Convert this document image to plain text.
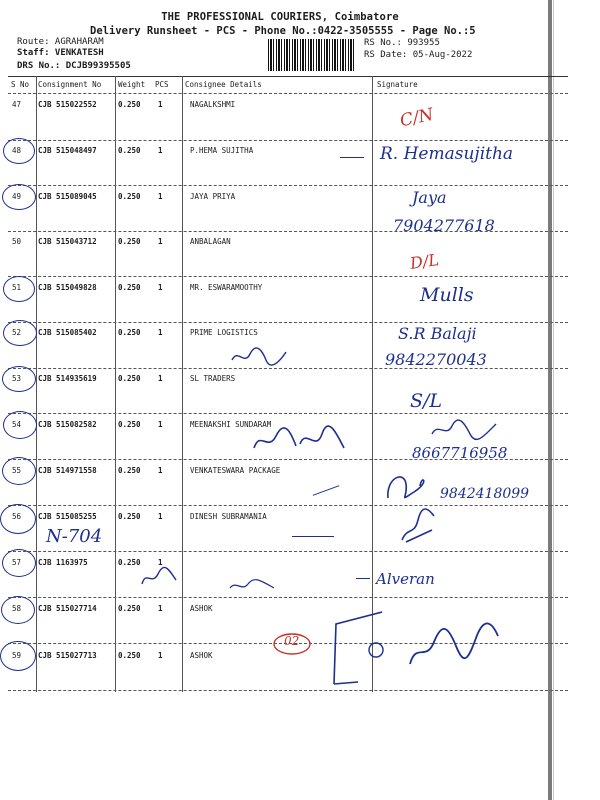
THE PROFESSIONAL COURIERS, Coimbatore
Delivery Runsheet - PCS - Phone No.:0422-3505555 - Page No.:5
Route: AGRAHARAM
Staff: VENKATESH
DRS No.: DCJB99395505
RS No.: 993955
RS Date: 05-Aug-2022
S No Consignment No Weight PCS Consignee Details	Signature
47 CJB 515022552	0.250 1	NAGALKSHMI
48 CJB 515048497	0.250 1	P.HEMA SUJITHA
49 CJB 515089045	0.250 1	JAYA PRIYA
50 CJB 515043712	0.250 1	ANBALAGAN
51 CJB 515049828	0.250 1	MR. ESWARAMOOTHY
52 CJB 515085402	0.250 1	PRIME LOGISTICS
53 CJB 514935619	0.250 1	SL TRADERS
54 CJB 515082582	0.250 1	MEENAKSHI SUNDARAM
55 CJB 514971558	0.250 1	VENKATESWARA PACKAGE
56 CJB 515085255	0.250 1	DINESH SUBRAMANIA
57 CJB 1163975	0.250 1
58 CJB 515027714	0.250 1	ASHOK
59 CJB 515027713	0.250 1	ASHOK
C/N
R. Hemasujitha
Jaya
7904277618
D/L
Mulls
S.R Balaji
9842270043
S/L
8667716958
9842418099
N-704
Alveran
02
